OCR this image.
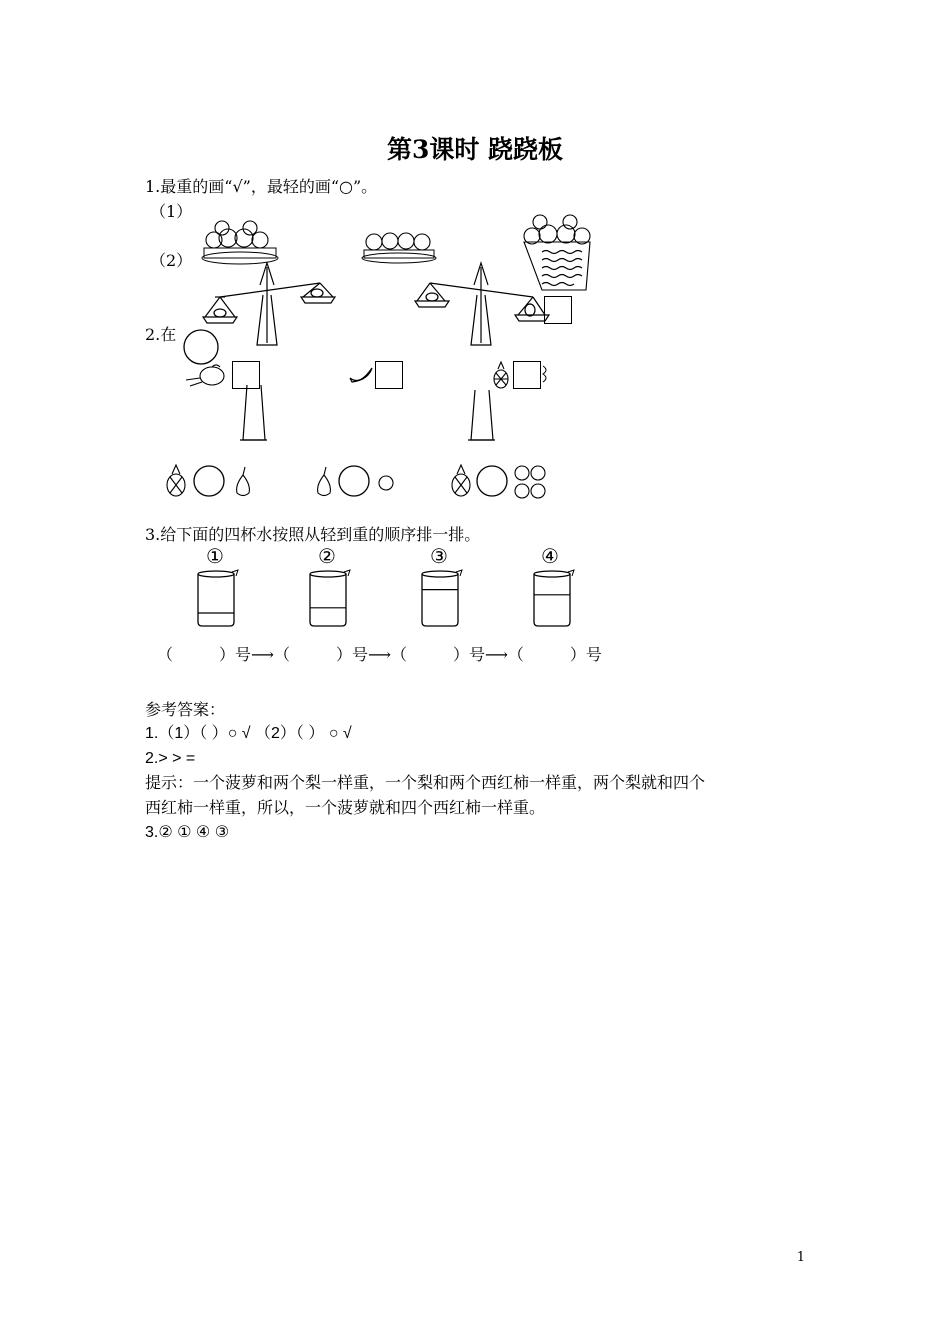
第3课时 跷跷板
1.最重的画“√”，最轻的画“○”。
（1）
（2）
2.在
3.给下面的四杯水按照从轻到重的顺序排一排。
①	②	③	④
（	）号⟶（	）号⟶（	）号⟶（	）号
参考答案：
1.（1）（ ）○ √ （2）（ ） ○ √
2.> > =
提示：一个菠萝和两个梨一样重，一个梨和两个西红柿一样重，两个梨就和四个
西红柿一样重，所以，一个菠萝就和四个西红柿一样重。
3.② ① ④ ③
1
